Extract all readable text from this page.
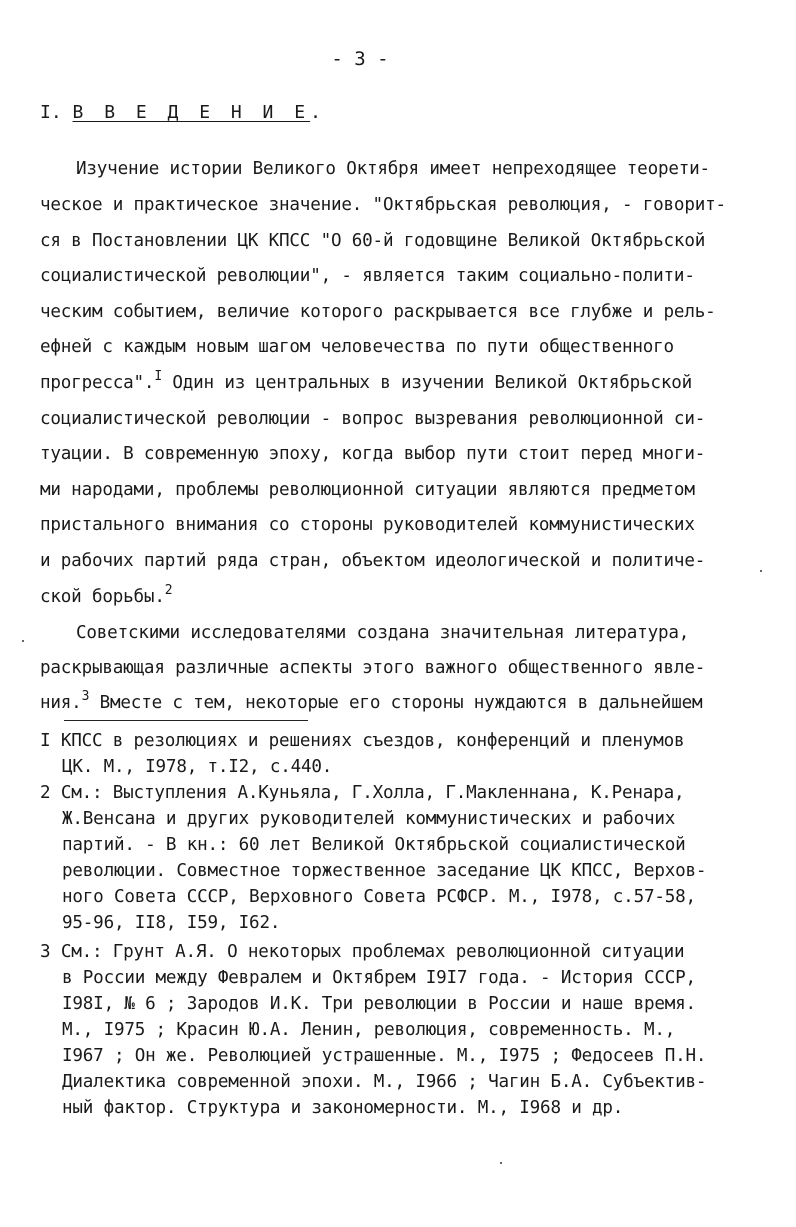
- 3 -
I. В В Е Д Е Н И Е.
Изучение истории Великого Октября имеет непреходящее теорети-
ческое и практическое значение. "Октябрьская революция, - говорит-
ся в Постановлении ЦК КПСС "О 60-й годовщине Великой Октябрьской
социалистической революции", - является таким социально-полити-
ческим событием, величие которого раскрывается все глубже и рель-
ефней с каждым новым шагом человечества по пути общественного
прогресса".$^I$ Один из центральных в изучении Великой Октябрьской
социалистической революции - вопрос вызревания революционной си-
туации. В современную эпоху, когда выбор пути стоит перед многи-
ми народами, проблемы революционной ситуации являются предметом
пристального внимания со стороны руководителей коммунистических
и рабочих партий ряда стран, объектом идеологической и политиче-
ской борьбы.$^2$
Советскими исследователями создана значительная литература,
раскрывающая различные аспекты этого важного общественного явле-
ния.$^3$ Вместе с тем, некоторые его стороны нуждаются в дальнейшем
I КПСС в резолюциях и решениях съездов, конференций и пленумов
ЦК. М., I978, т.I2, с.440.
2 См.: Выступления А.Куньяла, Г.Холла, Г.Макленнана, К.Ренара,
Ж.Венсана и других руководителей коммунистических и рабочих
партий. - В кн.: 60 лет Великой Октябрьской социалистической
революции. Совместное торжественное заседание ЦК КПСС, Верхов-
ного Совета СССР, Верховного Совета РСФСР. М., I978, с.57-58,
95-96, II8, I59, I62.
3 См.: Грунт А.Я. О некоторых проблемах революционной ситуации
в России между Февралем и Октябрем I9I7 года. - История СССР,
I98I, № 6 ; Зародов И.К. Три революции в России и наше время.
М., I975 ; Красин Ю.А. Ленин, революция, современность. М.,
I967 ; Он же. Революцией устрашенные. М., I975 ; Федосеев П.Н.
Диалектика современной эпохи. М., I966 ; Чагин Б.А. Субъектив-
ный фактор. Структура и закономерности. М., I968 и др.
